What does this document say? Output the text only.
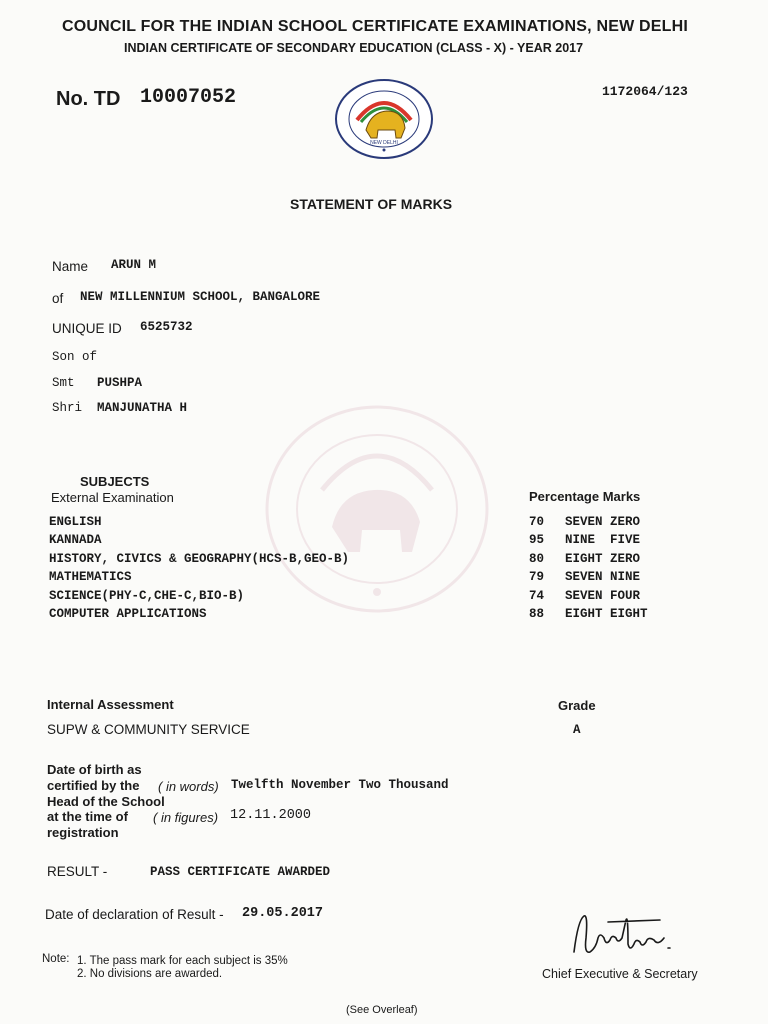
COUNCIL FOR THE INDIAN SCHOOL CERTIFICATE EXAMINATIONS, NEW DELHI
INDIAN CERTIFICATE OF SECONDARY EDUCATION (CLASS - X) - YEAR 2017
No. TD 10007052	1172064/123
NEW DELHI
STATEMENT OF MARKS
Name ARUN M
of NEW MILLENNIUM SCHOOL, BANGALORE
UNIQUE ID 6525732
Son of
Smt PUSHPA
Shri MANJUNATHA H
SUBJECTS
External Examination	Percentage Marks
ENGLISH	70 SEVEN ZERO
KANNADA	95 NINE  FIVE
HISTORY, CIVICS & GEOGRAPHY(HCS-B,GEO-B)	80 EIGHT ZERO
MATHEMATICS	79 SEVEN NINE
SCIENCE(PHY-C,CHE-C,BIO-B)	74 SEVEN FOUR
COMPUTER APPLICATIONS	88 EIGHT EIGHT
Internal Assessment	Grade
SUPW & COMMUNITY SERVICE	A
Date of birth as
certified by the ( in words) Twelfth November Two Thousand
Head of the School
at the time of ( in figures) 12.11.2000
registration
RESULT -	PASS CERTIFICATE AWARDED
Date of declaration of Result - 29.05.2017
Note: 1. The pass mark for each subject is 35%
2. No divisions are awarded.	Chief Executive & Secretary
(See Overleaf)
